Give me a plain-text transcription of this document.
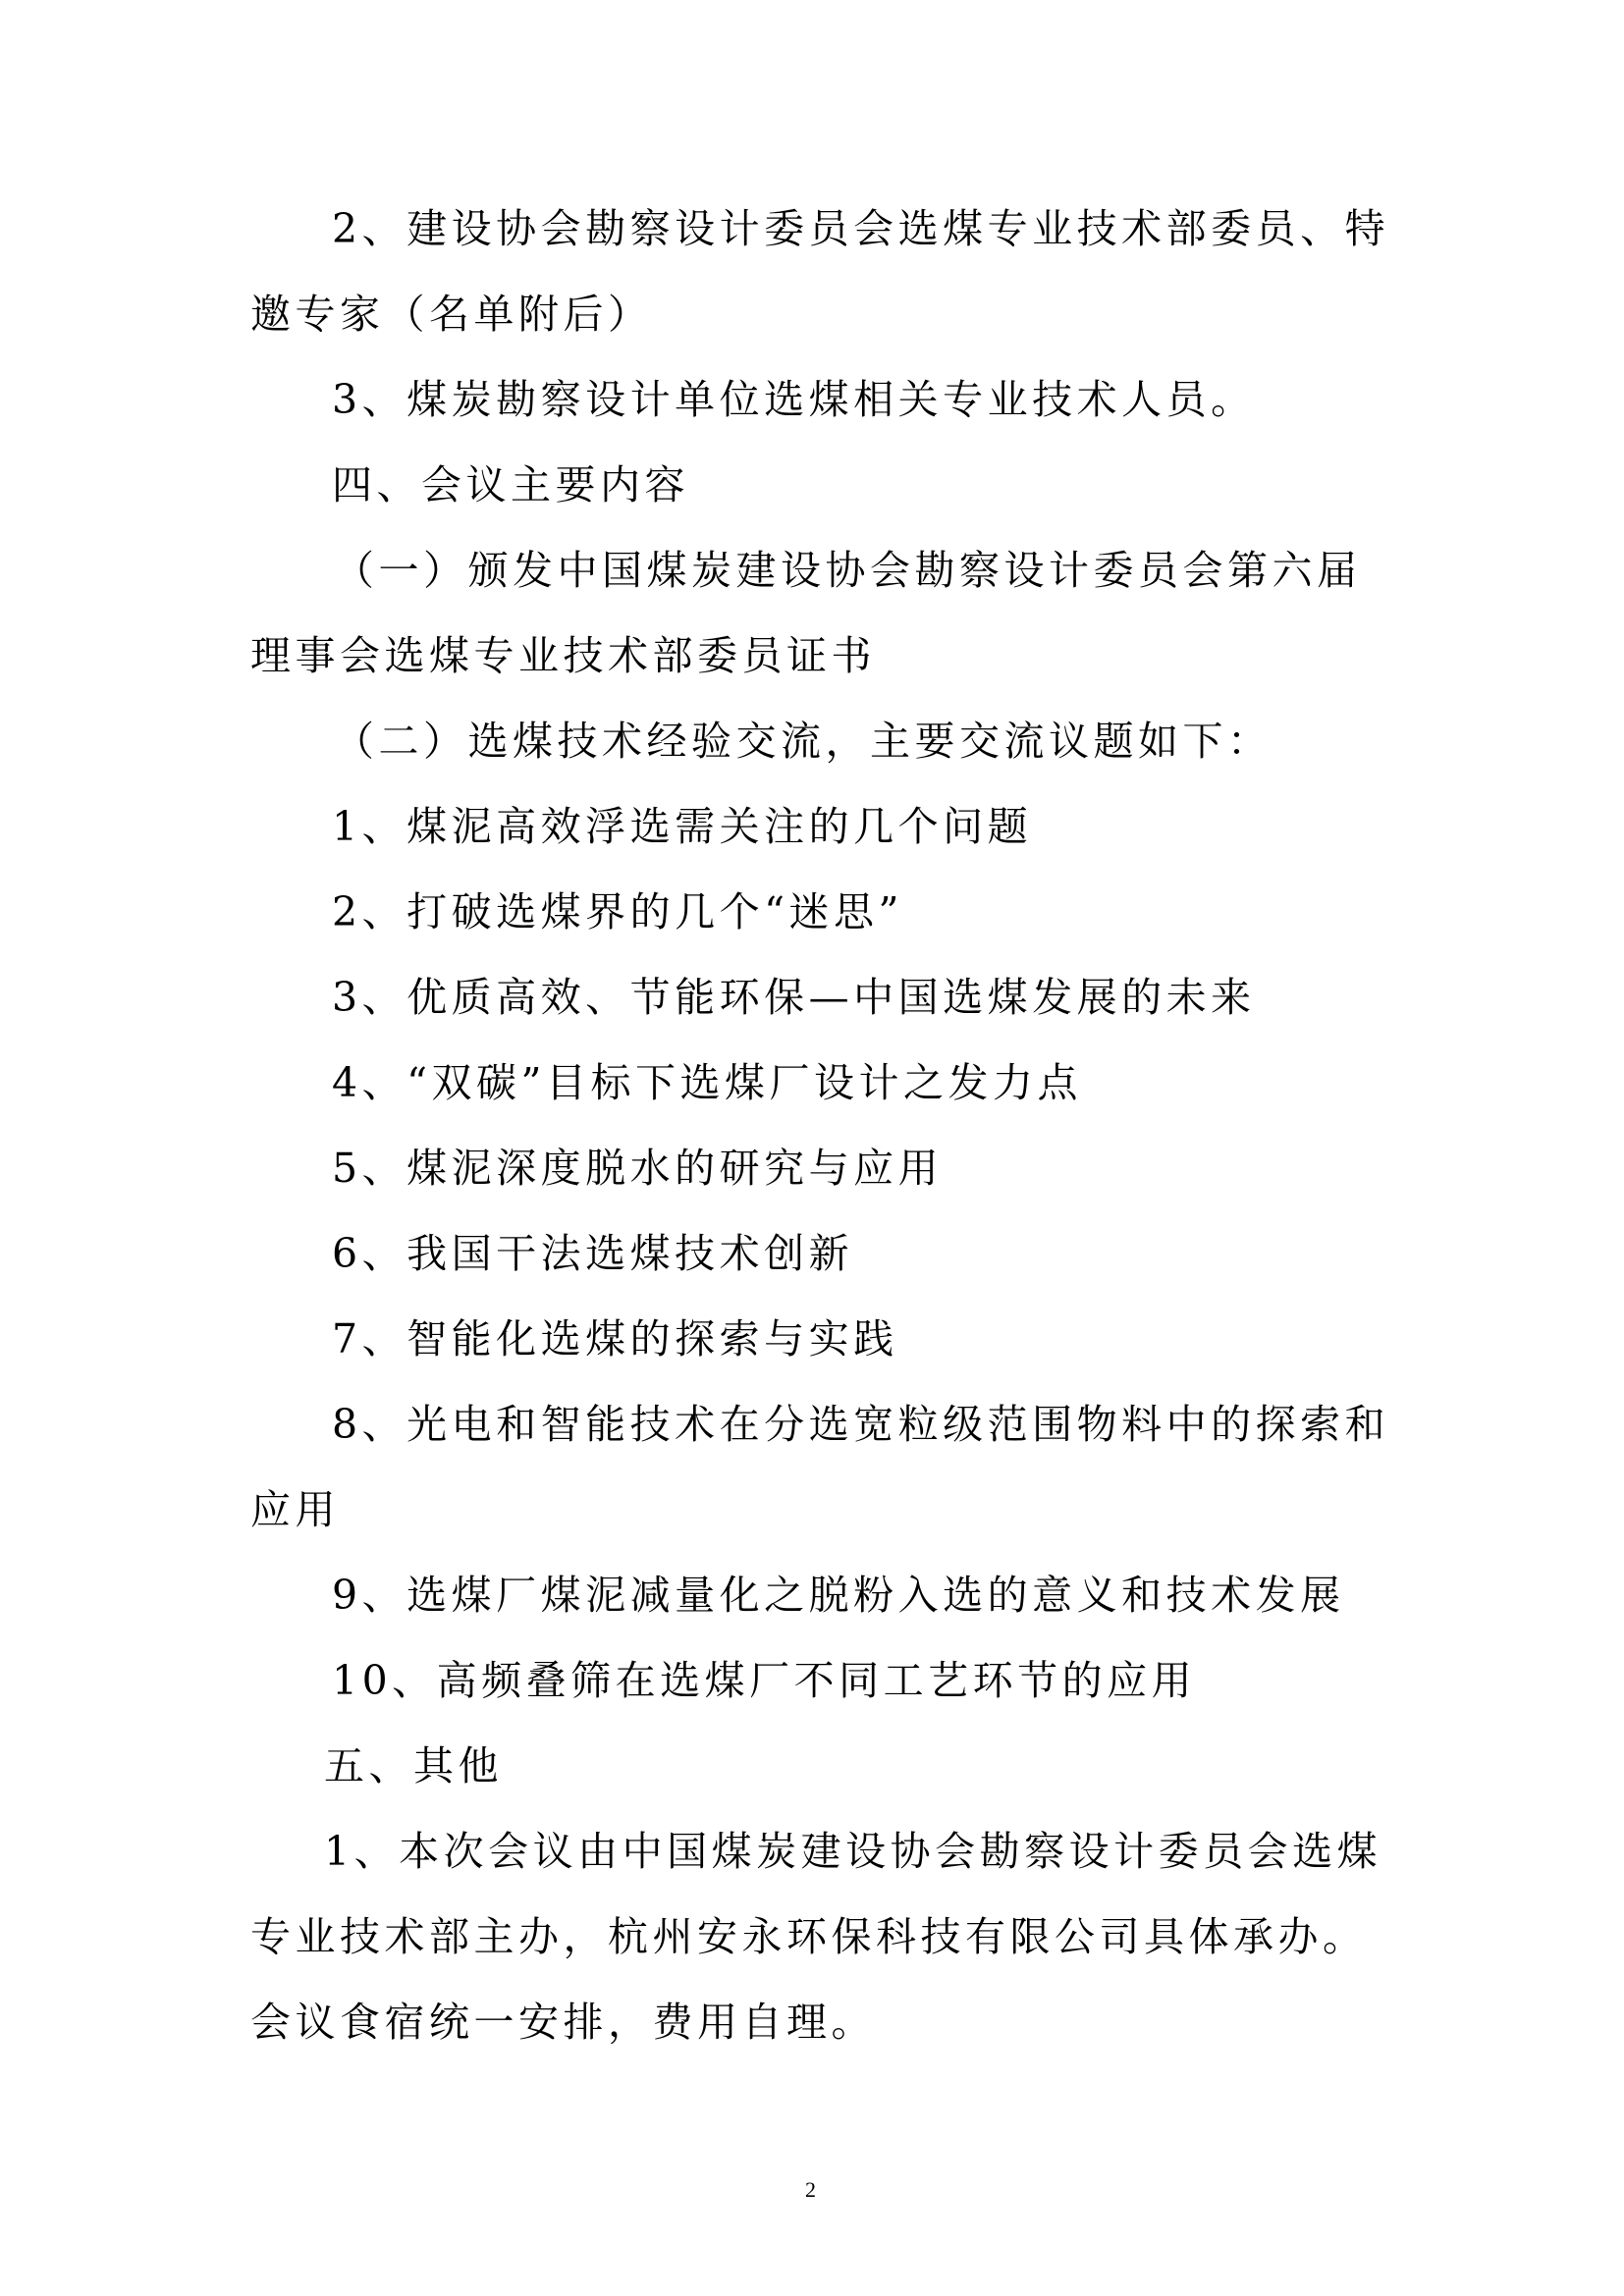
2、建设协会勘察设计委员会选煤专业技术部委员、特
邀专家（名单附后）
3、煤炭勘察设计单位选煤相关专业技术人员。
四、会议主要内容
（一）颁发中国煤炭建设协会勘察设计委员会第六届
理事会选煤专业技术部委员证书
（二）选煤技术经验交流，主要交流议题如下：
1、煤泥高效浮选需关注的几个问题
2、打破选煤界的几个“迷思”
3、优质高效、节能环保—中国选煤发展的未来
4、“双碳”目标下选煤厂设计之发力点
5、煤泥深度脱水的研究与应用
6、我国干法选煤技术创新
7、智能化选煤的探索与实践
8、光电和智能技术在分选宽粒级范围物料中的探索和
应用
9、选煤厂煤泥减量化之脱粉入选的意义和技术发展
10、高频叠筛在选煤厂不同工艺环节的应用
五、其他
1、本次会议由中国煤炭建设协会勘察设计委员会选煤
专业技术部主办，杭州安永环保科技有限公司具体承办。
会议食宿统一安排，费用自理。
2
